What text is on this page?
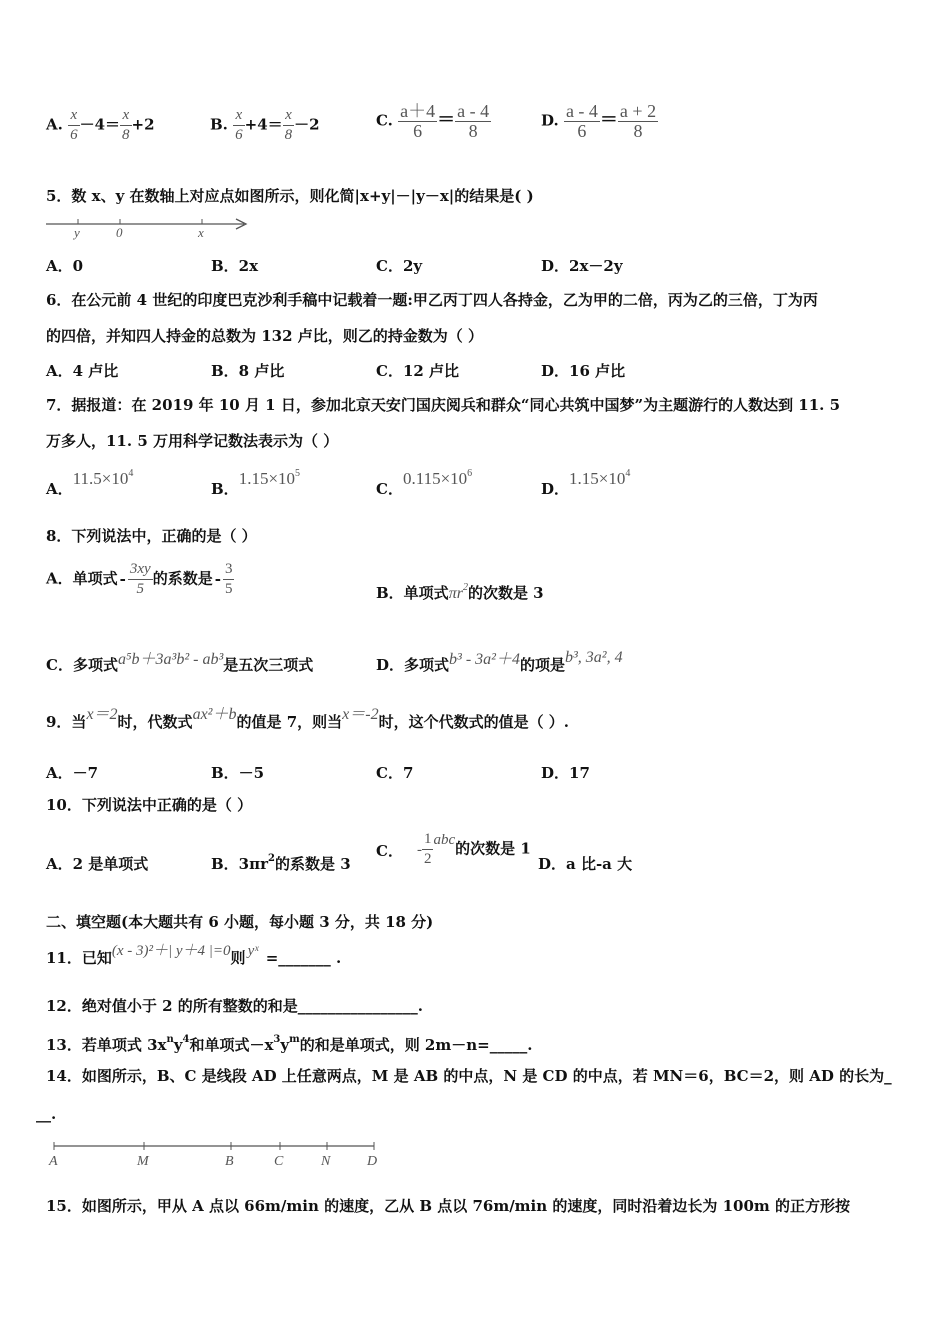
A. $\frac{x}{6} -4= \frac{x}{8} +2$	B. $\frac{x}{6} +4= \frac{x}{8} -2$	C. $\frac{a+4}{6} = \frac{a - 4}{8}$	D. $\frac{a - 4}{6} = \frac{a + 2}{8}$
5．数 x、y 在数轴上对应点如图所示，则化简|x+y|－|y－x|的结果是( )
y	0	x
A．0	B．2x	C．2y	D．2x－2y
6．在公元前 4 世纪的印度巴克沙利手稿中记载着一题:甲乙丙丁四人各持金，乙为甲的二倍，丙为乙的三倍，丁为丙
的四倍，并知四人持金的总数为 132 卢比，则乙的持金数为（ ）
A．4 卢比	B．8 卢比	C．12 卢比	D．16 卢比
7．据报道：在 2019 年 10 月 1 日，参加北京天安门国庆阅兵和群众“同心共筑中国梦”为主题游行的人数达到 11. 5
万多人，11. 5 万用科学记数法表示为（ ）
A．$11.5\times 10^4$
B．$1.15\times 10^5$
C．$0.115\times 10^6$
D．$1.15\times 10^4$
8．下列说法中，正确的是（ ）
A．单项式 - $\frac{3xy}{5}$ 的系数是 - $\frac{3}{5}$	B．单项式$\pi r^2$的次数是 3
C．多项式a⁵b＋3a³b² - ab³是五次三项式	D．多项式b³ - 3a²＋4的项是b³, 3a², 4
9．当x＝2时，代数式ax²＋b的值是 7，则当x＝-2时，这个代数式的值是（ ）.
A．－7	B．－5	C．7	D．17
10．下列说法中正确的是（ ）
A．2 是单项式	B．$3\pi r^2$的系数是 3
C． - $\frac{1}{2}$ abc的次数是 1
D．a 比-a 大
二、填空题(本大题共有 6 小题，每小题 3 分，共 18 分)
11．已知(x - 3)²＋| y＋4 |=0则 yˣ =_______ .
12．绝对值小于 2 的所有整数的和是________________.
13．若单项式 $3x^ny^4$和单项式$-x^3y^m$的和是单项式，则 2m－n=_____.
14．如图所示，B、C 是线段 AD 上任意两点，M 是 AB 的中点，N 是 CD 的中点，若 MN＝6，BC＝2，则 AD 的长为_
__.
A	M	B	C	N	D
15．如图所示，甲从 A 点以 66m/min 的速度，乙从 B 点以 76m/min 的速度，同时沿着边长为 100m 的正方形按
